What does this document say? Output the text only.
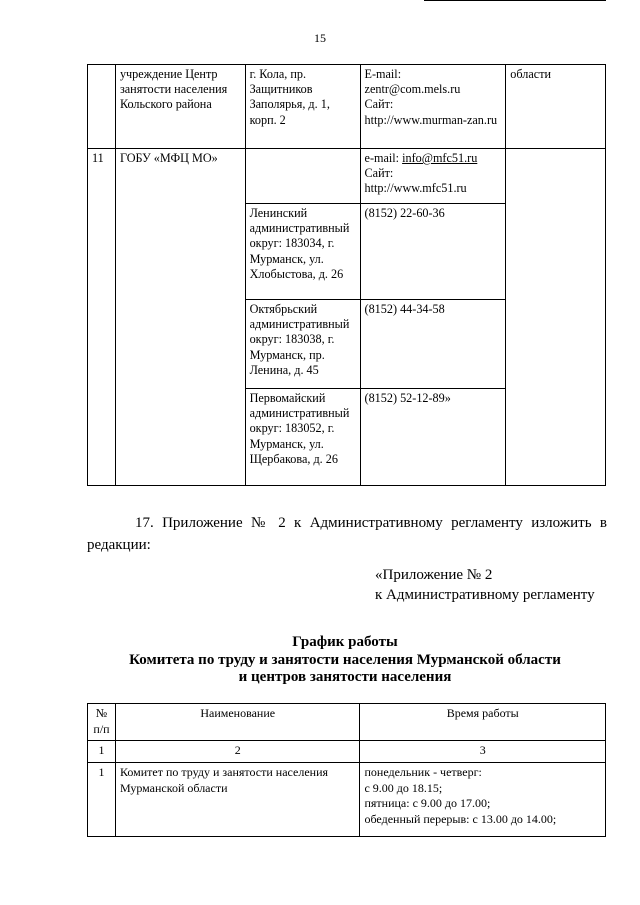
15
	учреждение Центр занятости населения Кольского района	г. Кола, пр. Защитников Заполярья, д. 1, корп. 2	E-mail:
zentr@com.mels.ru
Сайт:
http://www.murman-zan.ru	области
11	ГОБУ «МФЦ МО»		e-mail: info@mfc51.ru
Сайт:
http://www.mfc51.ru	

		Ленинский административный округ: 183034, г. Мурманск, ул. Хлобыстова, д. 26	(8152) 22-60-36	
		Октябрьский административный округ: 183038, г. Мурманск, пр. Ленина, д. 45	(8152) 44-34-58	
		Первомайский административный округ: 183052, г. Мурманск, ул. Щербакова, д. 26	(8152) 52-12-89»	
17. Приложение № 2 к Административному регламенту изложить в
редакции:
«Приложение № 2
к Административному регламенту
График работы
Комитета по труду и занятости населения Мурманской области
и центров занятости населения
№
п/п	Наименование	Время работы
1	2	3
1	Комитет по труду и занятости населения Мурманской области	понедельник - четверг:
с 9.00 до 18.15;
пятница: с 9.00 до 17.00;
обеденный перерыв: с 13.00 до 14.00;
